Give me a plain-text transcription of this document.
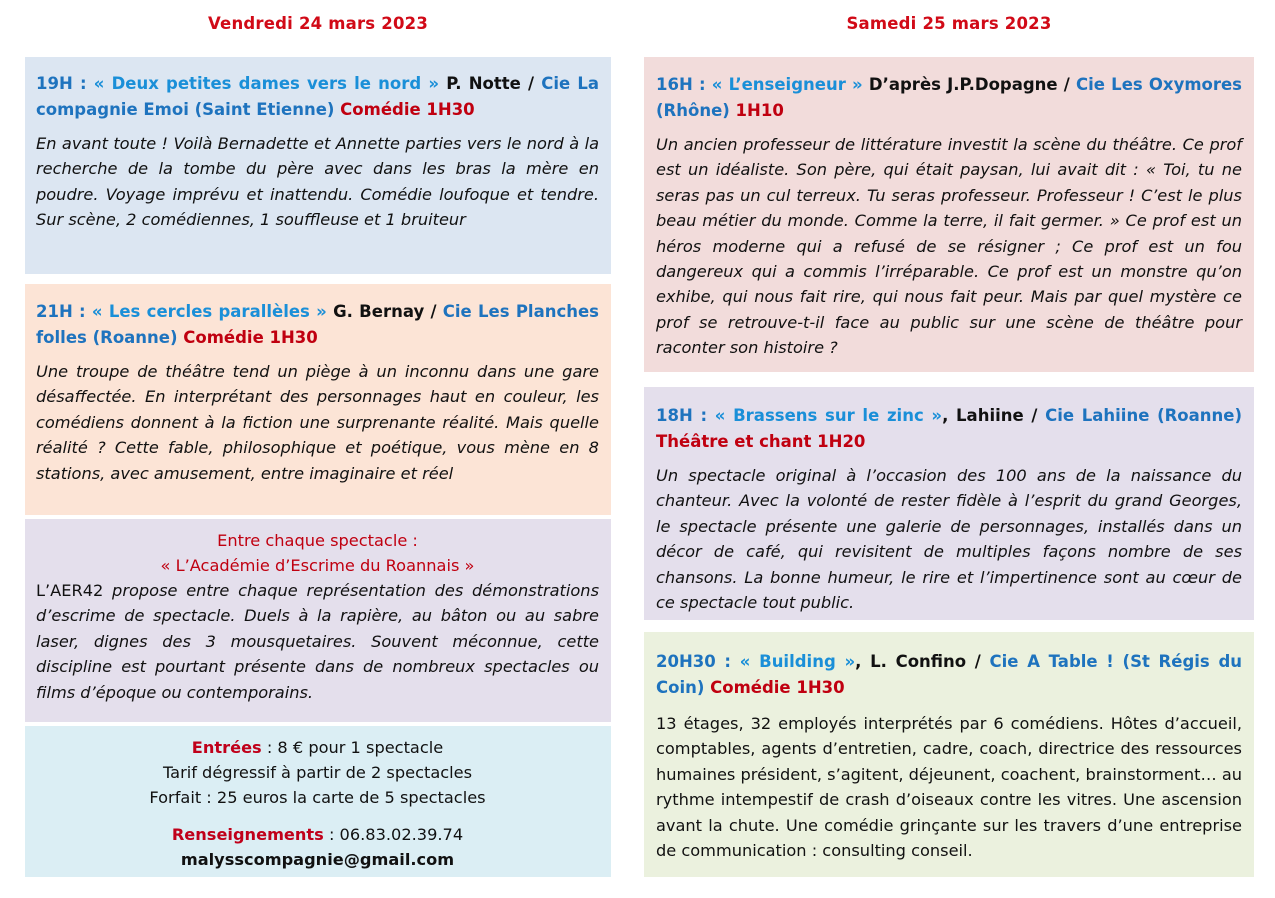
Vendredi 24 mars 2023	Samedi 25 mars 2023
19H : « Deux petites dames vers le nord » P. Notte / Cie La compagnie Emoi (Saint Etienne) Comédie 1H30
En avant toute ! Voilà Bernadette et Annette parties vers le nord à la recherche de la tombe du père avec dans les bras la mère en poudre. Voyage imprévu et inattendu. Comédie loufoque et tendre. Sur scène, 2 comédiennes, 1 souffleuse et 1 bruiteur
21H : « Les cercles parallèles » G. Bernay / Cie Les Planches folles (Roanne) Comédie 1H30
Une troupe de théâtre tend un piège à un inconnu dans une gare désaffectée. En interprétant des personnages haut en couleur, les comédiens donnent à la fiction une surprenante réalité. Mais quelle réalité ? Cette fable, philosophique et poétique, vous mène en 8 stations, avec amusement, entre imaginaire et réel
Entre chaque spectacle :
« L’Académie d’Escrime du Roannais »
L’AER42 propose entre chaque représentation des démonstrations d’escrime de spectacle. Duels à la rapière, au bâton ou au sabre laser, dignes des 3 mousquetaires. Souvent méconnue, cette discipline est pourtant présente dans de nombreux spectacles ou films d’époque ou contemporains.
Entrées : 8 € pour 1 spectacle
Tarif dégressif à partir de 2 spectacles
Forfait : 25 euros la carte de 5 spectacles
Renseignements : 06.83.02.39.74
malysscompagnie@gmail.com
16H : « L’enseigneur » D’après J.P.Dopagne / Cie Les Oxymores (Rhône) 1H10
Un ancien professeur de littérature investit la scène du théâtre. Ce prof est un idéaliste. Son père, qui était paysan, lui avait dit : « Toi, tu ne seras pas un cul terreux. Tu seras professeur. Professeur ! C’est le plus beau métier du monde. Comme la terre, il fait germer. » Ce prof est un héros moderne qui a refusé de se résigner ; Ce prof est un fou dangereux qui a commis l’irréparable. Ce prof est un monstre qu’on exhibe, qui nous fait rire, qui nous fait peur. Mais par quel mystère ce prof se retrouve-t-il face au public sur une scène de théâtre pour raconter son histoire ?
18H : « Brassens sur le zinc », Lahiine / Cie Lahiine (Roanne) Théâtre et chant 1H20
Un spectacle original à l’occasion des 100 ans de la naissance du chanteur. Avec la volonté de rester fidèle à l’esprit du grand Georges, le spectacle présente une galerie de personnages, installés dans un décor de café, qui revisitent de multiples façons nombre de ses chansons. La bonne humeur, le rire et l’impertinence sont au cœur de ce spectacle tout public.
20H30 : « Building », L. Confino / Cie A Table ! (St Régis du Coin) Comédie 1H30
13 étages, 32 employés interprétés par 6 comédiens. Hôtes d’accueil, comptables, agents d’entretien, cadre, coach, directrice des ressources humaines président, s’agitent, déjeunent, coachent, brainstorment… au rythme intempestif de crash d’oiseaux contre les vitres. Une ascension avant la chute. Une comédie grinçante sur les travers d’une entreprise de communication : consulting conseil.
